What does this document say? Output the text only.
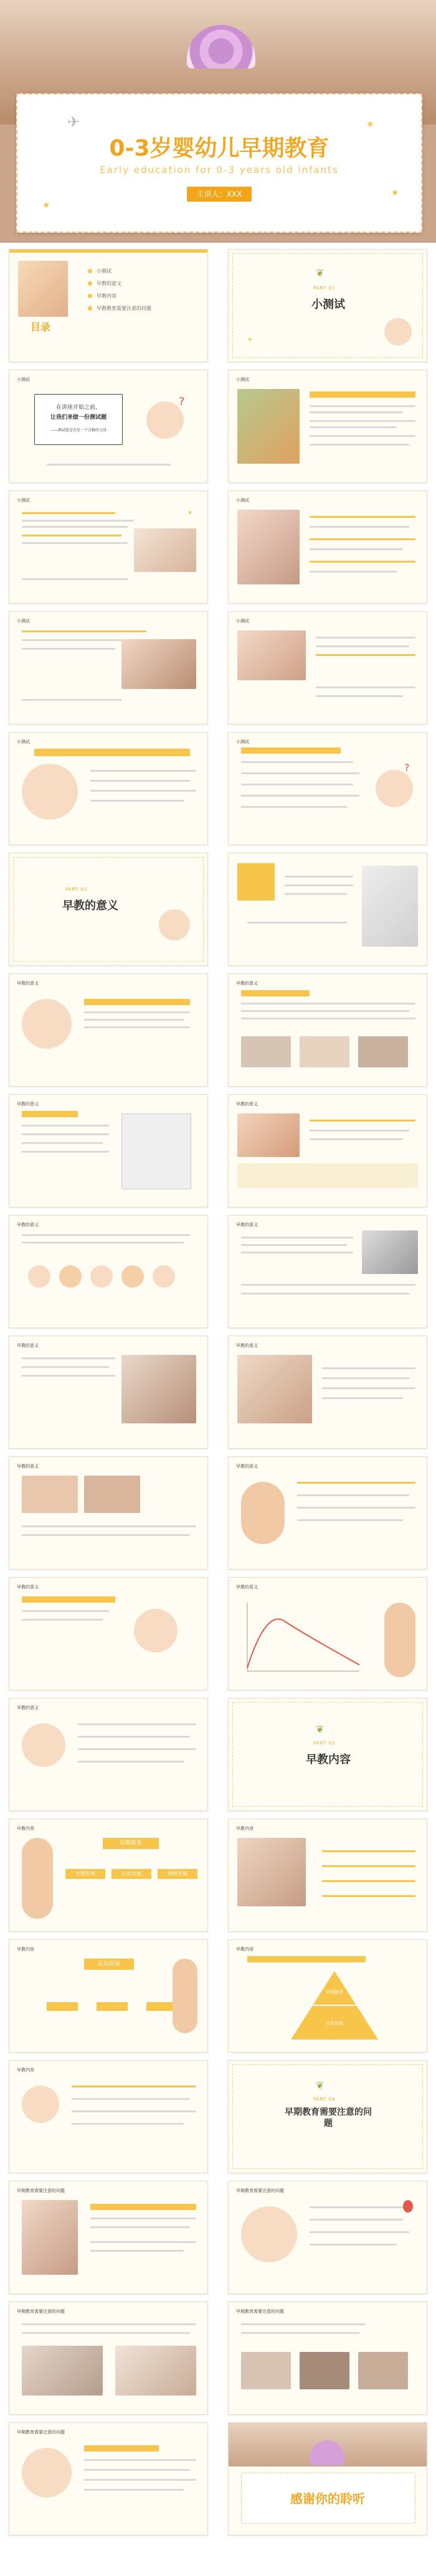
✈	★
★
★
0-3岁婴幼儿早期教育
Early education for 0-3 years old infants
主讲人：XXX
目录
小测试
早教的意义
早教内容
早教教育需要注意的问题
❦
PART 01
小测试
★
小测试
在讲座开始之前，
让我们来做一份测试题
——测试您是否是一个合格的父母
?
小测试
小测试
★
小测试
小测试	小测试
小测试	小测试
?
PART 02
早教的意义
早教的意义	早教的意义
早教的意义	早教的意义
早教的意义	早教的意义
早教的意义	早教的意义
早教的意义	早教的意义
早教的意义	早教的意义
早教的意义
❦
PART 03
早教内容
早教内容
早期教育
生理发展	认知发展	情感发展
早教内容
早教内容
认知发展
早教内容
早期教育
认知发展
早教内容
❦
PART 04
早期教育需要注意的问题
早期教育需要注意的问题	早期教育需要注意的问题
早期教育需要注意的问题	早期教育需要注意的问题
早期教育需要注意的问题
感谢你的聆听
